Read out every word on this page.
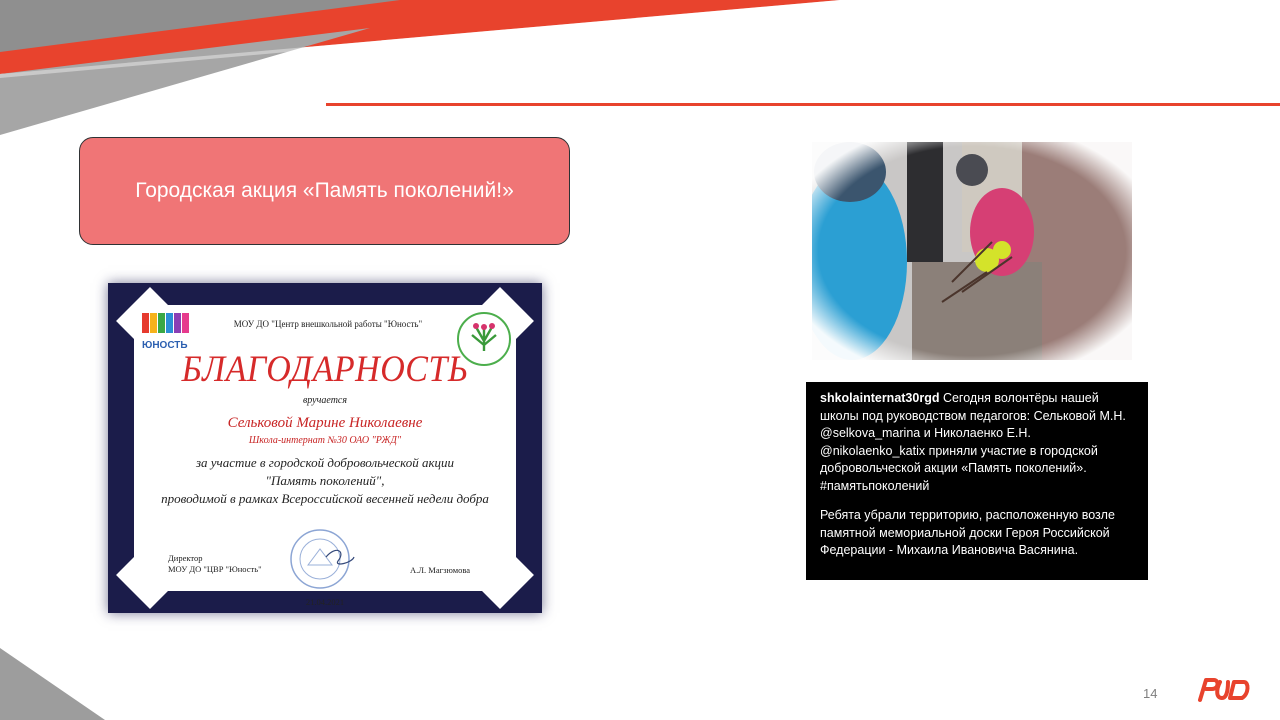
Городская акция «Память поколений!»
ЮНОСТЬ
МОУ ДО "Центр внешкольной работы "Юность"
БЛАГОДАРНОСТЬ
вручается
Сельковой Марине Николаевне
Школа-интернат №30 ОАО "РЖД"
за участие в городской добровольческой акции
"Память поколений",
проводимой в рамках Всероссийской весенней недели добра
Директор
МОУ ДО "ЦВР "Юность"	А.Л. Магзюмова
21.04.2021

shkolainternat30rgd Сегодня волонтёры нашей школы под руководством педагогов: Сельковой М.Н. @selkova_marina и Николаенко Е.Н. @nikolaenko_katix приняли участие в городской добровольческой акции «Память поколений». #памятьпоколений

Ребята убрали территорию, расположенную возле памятной мемориальной доски Героя Российской Федерации - Михаила Ивановича Васянина.

14
